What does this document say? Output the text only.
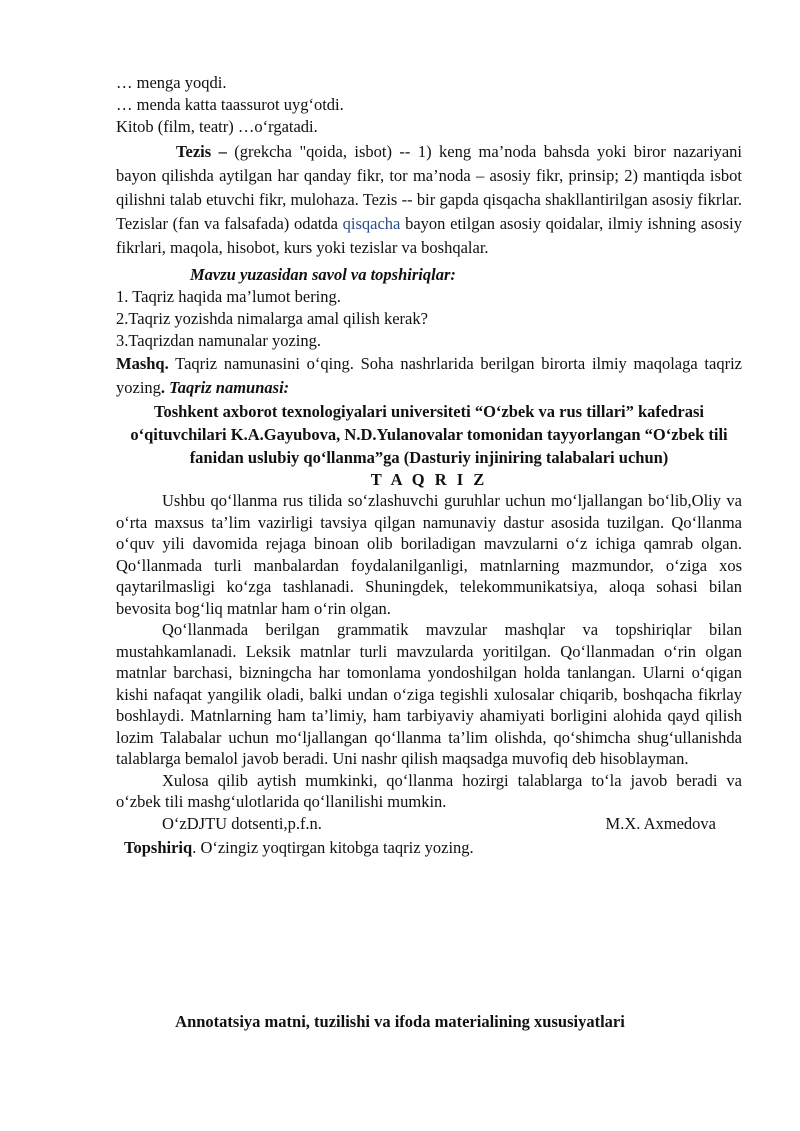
… menga yoqdi.
… menda katta taassurot uyg‘otdi.
Kitob (film, teatr) …o‘rgatadi.

Tezis – (grekcha "qoida, isbot) -- 1) keng ma’noda bahsda yoki biror nazariyani bayon qilishda aytilgan har qanday fikr, tor ma’noda – asosiy fikr, prinsip; 2) mantiqda isbot qilishni talab etuvchi fikr, mulohaza. Tezis -- bir gapda qisqacha shakllantirilgan asosiy fikrlar. Tezislar (fan va falsafada) odatda qisqacha bayon etilgan asosiy qoidalar, ilmiy ishning asosiy fikrlari, maqola, hisobot, kurs yoki tezislar va boshqalar.

Mavzu yuzasidan savol va topshiriqlar:
1. Taqriz haqida ma’lumot bering.
2.Taqriz yozishda nimalarga amal qilish kerak?
3.Taqrizdan namunalar yozing.

Mashq. Taqriz namunasini o‘qing. Soha nashrlarida berilgan birorta ilmiy maqolaga taqriz yozing. Taqriz namunasi:

Toshkent axborot texnologiyalari universiteti “O‘zbek va rus tillari” kafedrasi o‘qituvchilari K.A.Gayubova, N.D.Yulanovalar tomonidan tayyorlangan “O‘zbek tili fanidan uslubiy qo‘llanma”ga (Dasturiy injiniring talabalari uchun)
T A Q R I Z

Ushbu qo‘llanma rus tilida so‘zlashuvchi guruhlar uchun mo‘ljallangan bo‘lib,Oliy va o‘rta maxsus ta’lim vazirligi tavsiya qilgan namunaviy dastur asosida tuzilgan. Qo‘llanma o‘quv yili davomida rejaga binoan olib boriladigan mavzularni o‘z ichiga qamrab olgan. Qo‘llanmada turli manbalardan foydalanilganligi, matnlarning mazmundor, o‘ziga xos qaytarilmasligi ko‘zga tashlanadi. Shuningdek, telekommunikatsiya, aloqa sohasi bilan bevosita bog‘liq matnlar ham o‘rin olgan.

Qo‘llanmada berilgan grammatik mavzular mashqlar va topshiriqlar bilan mustahkamlanadi. Leksik matnlar turli mavzularda yoritilgan. Qo‘llanmadan o‘rin olgan matnlar barchasi, bizningcha har tomonlama yondoshilgan holda tanlangan. Ularni o‘qigan kishi nafaqat yangilik oladi, balki undan o‘ziga tegishli xulosalar chiqarib, boshqacha fikrlay boshlaydi. Matnlarning ham ta’limiy, ham tarbiyaviy ahamiyati borligini alohida qayd qilish lozim Talabalar uchun mo‘ljallangan qo‘llanma ta’lim olishda, qo‘shimcha shug‘ullanishda talablarga bemalol javob beradi. Uni nashr qilish maqsadga muvofiq deb hisoblayman.

Xulosa qilib aytish mumkinki, qo‘llanma hozirgi talablarga to‘la javob beradi va o‘zbek tili mashg‘ulotlarida qo‘llanilishi mumkin.

O‘zDJTU dotsenti,p.f.n.	M.X. Axmedova
Topshiriq. O‘zingiz yoqtirgan kitobga taqriz yozing.
Annotatsiya matni, tuzilishi va ifoda materialining xususiyatlari
